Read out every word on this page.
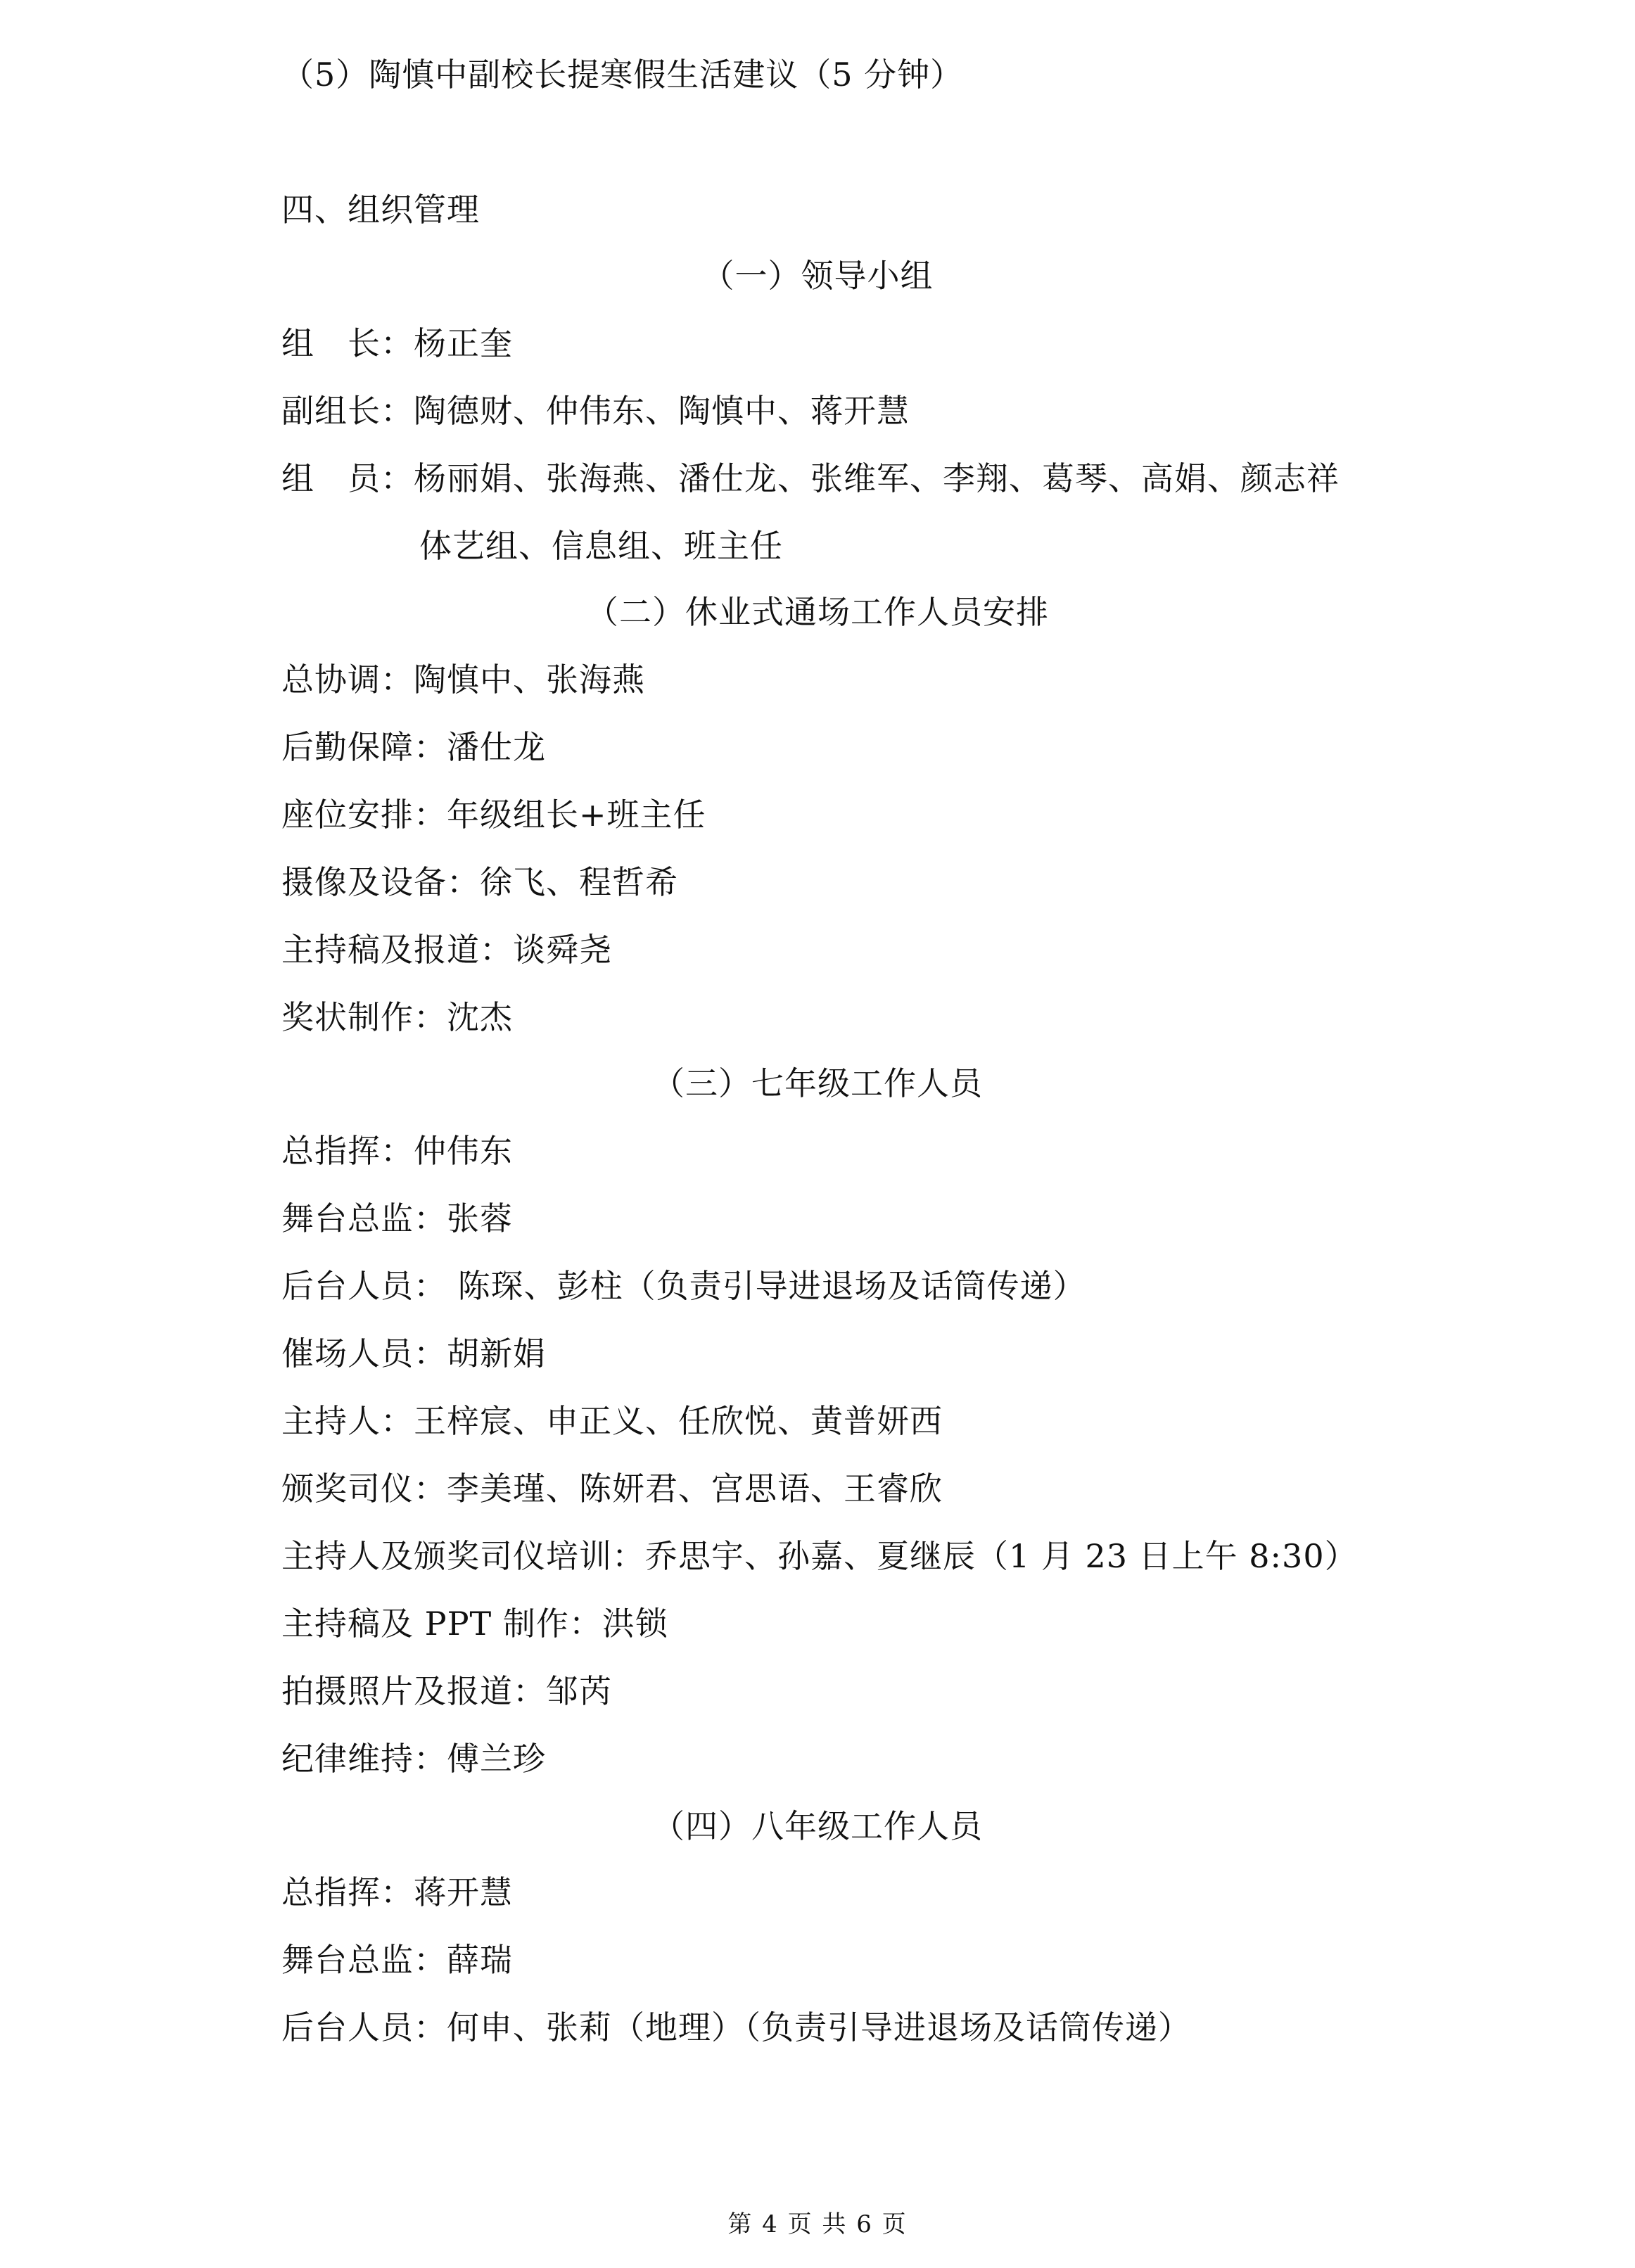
（5）陶慎中副校长提寒假生活建议（5 分钟）
四、组织管理
（一）领导小组
组　长：杨正奎
副组长：陶德财、仲伟东、陶慎中、蒋开慧
组　员：杨丽娟、张海燕、潘仕龙、张维军、李翔、葛琴、高娟、颜志祥
体艺组、信息组、班主任
（二）休业式通场工作人员安排
总协调：陶慎中、张海燕
后勤保障：潘仕龙
座位安排：年级组长+班主任
摄像及设备：徐飞、程哲希
主持稿及报道：谈舜尧
奖状制作：沈杰
（三）七年级工作人员
总指挥：仲伟东
舞台总监：张蓉
后台人员： 陈琛、彭柱（负责引导进退场及话筒传递）
催场人员：胡新娟
主持人：王梓宸、申正义、任欣悦、黄普妍西
颁奖司仪：李美瑾、陈妍君、宫思语、王睿欣
主持人及颁奖司仪培训：乔思宇、孙嘉、夏继辰（1 月 23 日上午 8:30）
主持稿及 PPT 制作：洪锁
拍摄照片及报道：邹芮
纪律维持：傅兰珍
（四）八年级工作人员
总指挥：蒋开慧
舞台总监：薛瑞
后台人员：何申、张莉（地理）（负责引导进退场及话筒传递）
第 4 页 共 6 页
